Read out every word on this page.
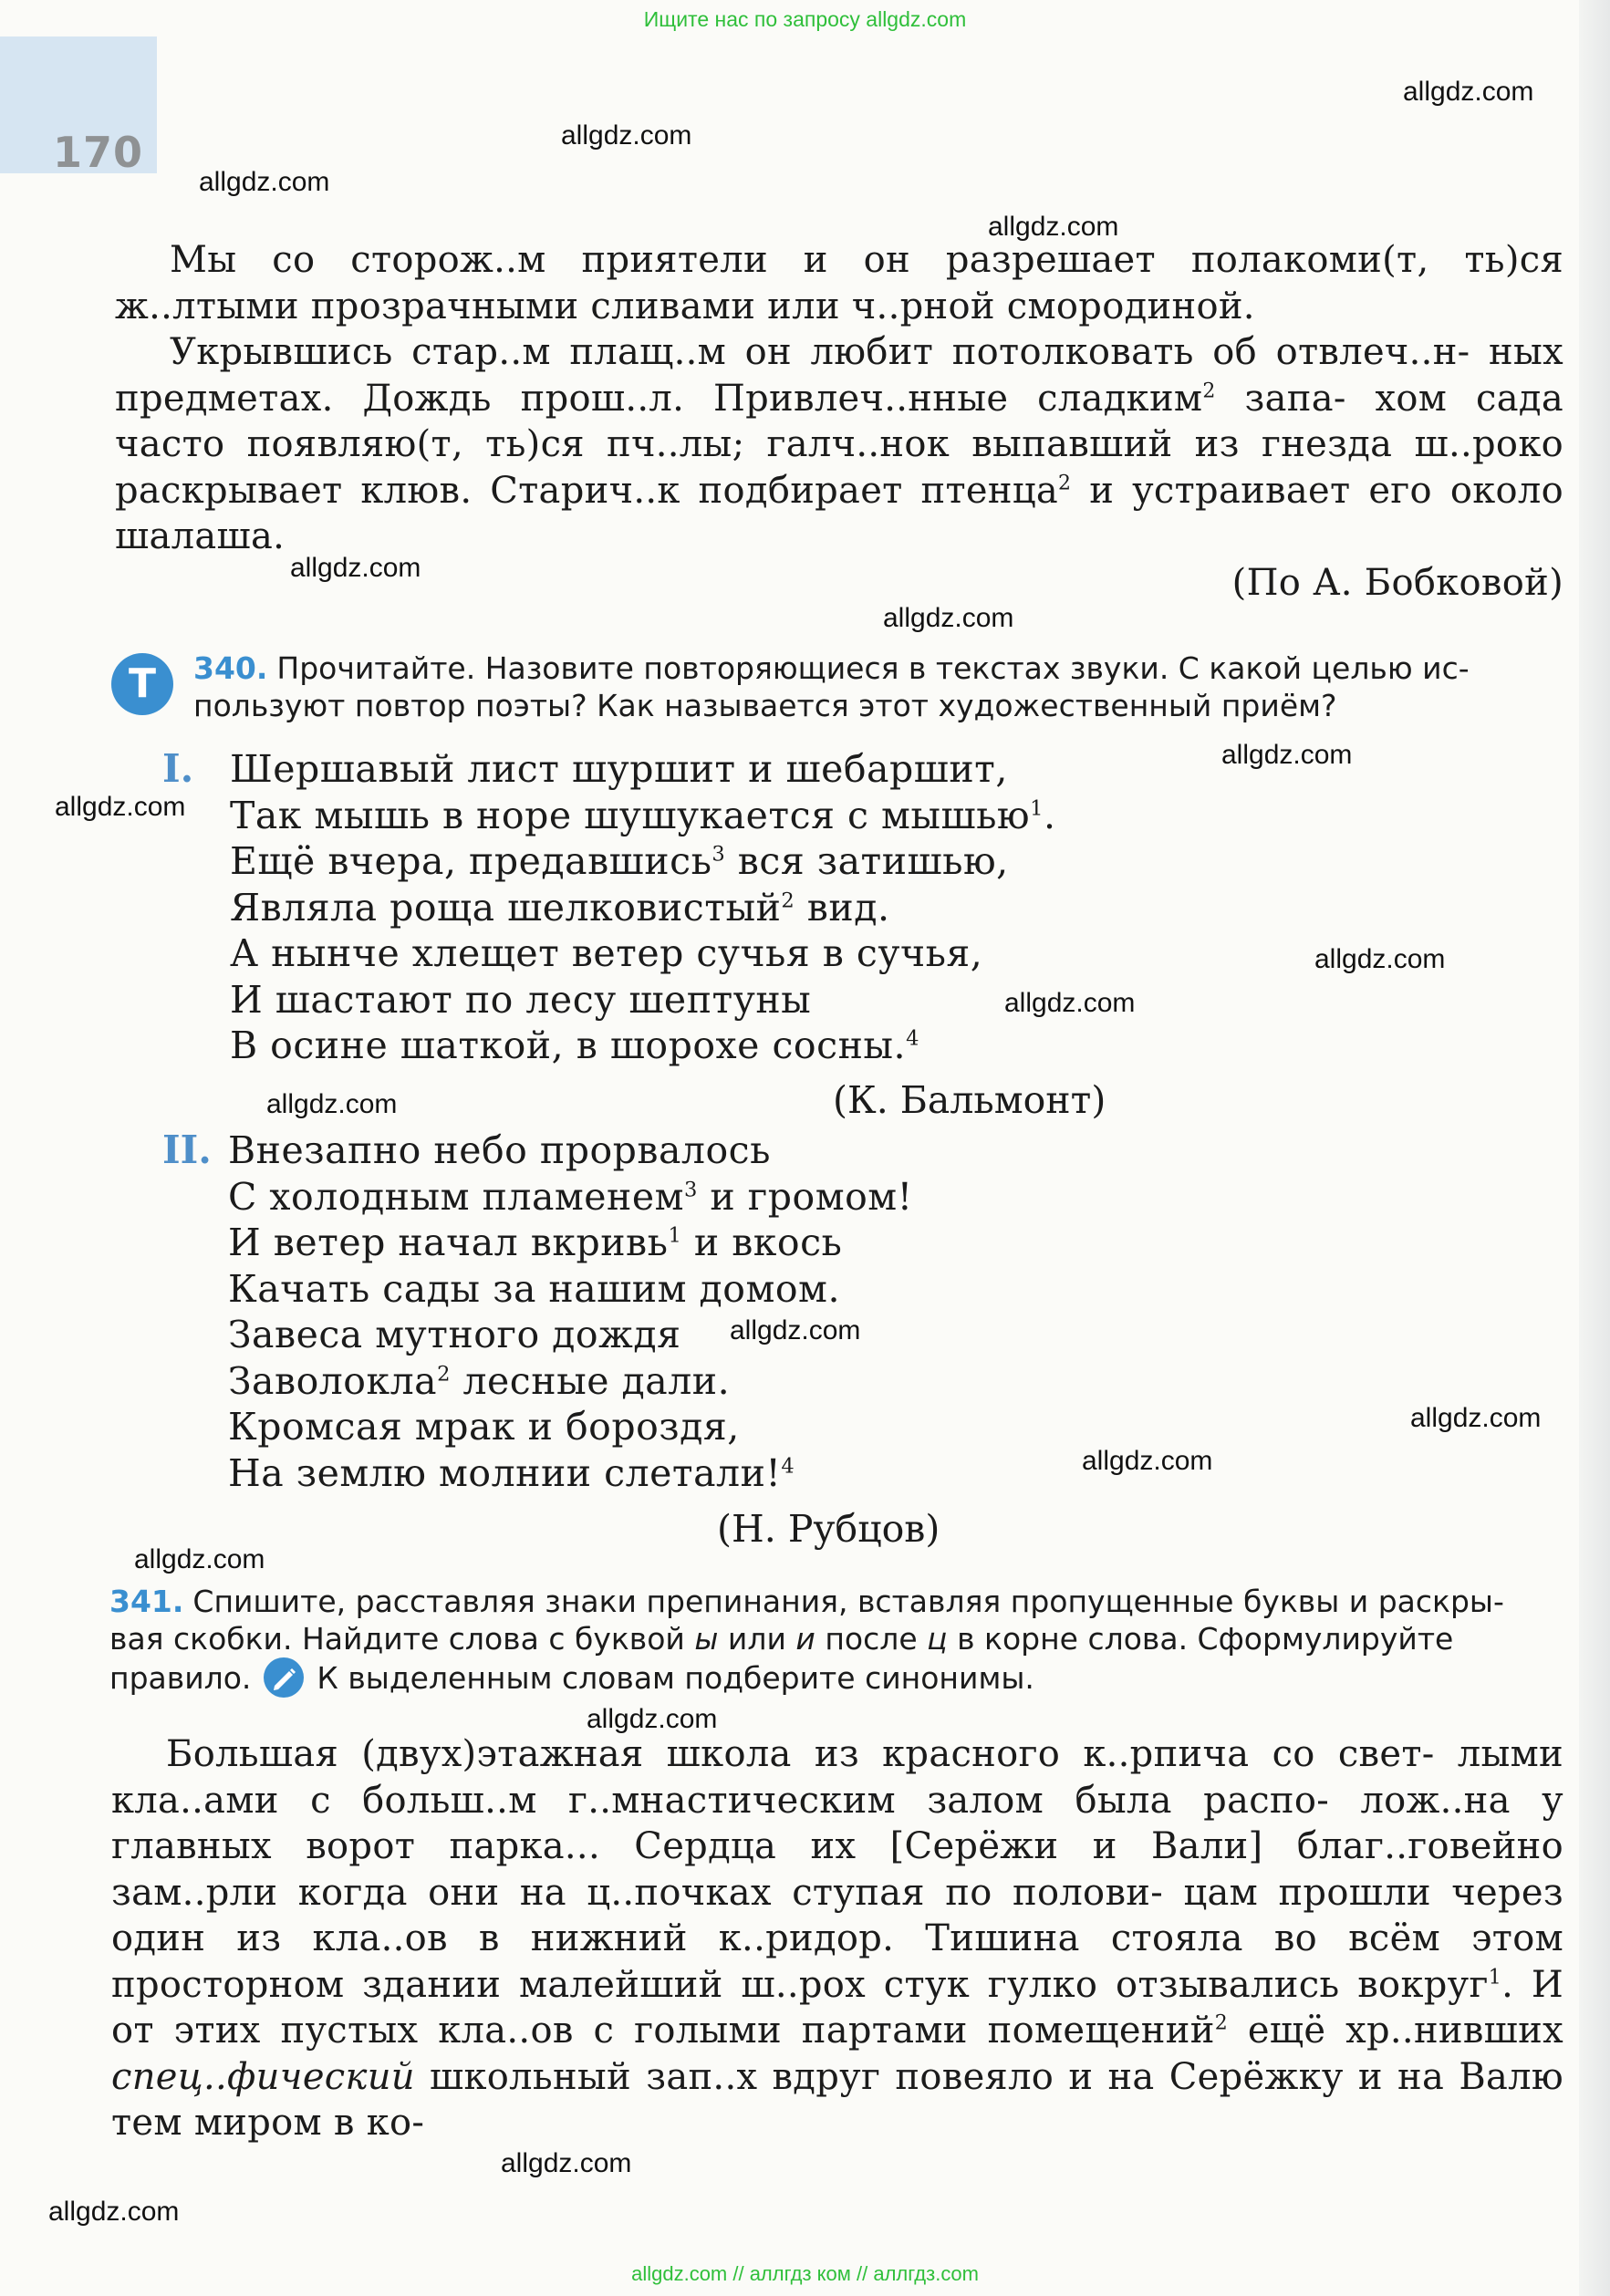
170
Ищите нас по запросу allgdz.com
allgdz.com
allgdz.com
allgdz.com
allgdz.com
allgdz.com
allgdz.com
allgdz.com
allgdz.com
allgdz.com
allgdz.com
allgdz.com
allgdz.com
allgdz.com
allgdz.com
allgdz.com
allgdz.com
allgdz.com
allgdz.com

Мы со сторож..м приятели и он разрешает полакоми(т, ть)ся ж..лтыми прозрачными сливами или ч..рной смородиной.

Укрывшись стар..м плащ..м он любит потолковать об отвлеч..н- ных предметах. Дождь прош..л. Привлеч..нные сладким$^2$ запа- хом сада часто появляю(т, ть)ся пч..лы; галч..нок выпавший из гнезда ш..роко раскрывает клюв. Старич..к подбирает птенца$^2$ и устраивает его около шалаша.

(По А. Бобковой)

Т	340. Прочитайте. Назовите повторяющиеся в текстах звуки. С какой целью ис- пользуют повтор поэты? Как называется этот художественный приём?
I. Шершавый лист шуршит и шебаршит,
Так мышь в норе шушукается с мышью$^1$.
Ещё вчера, предавшись$^3$ вся затишью,
Являла роща шелковистый$^2$ вид.
А нынче хлещет ветер сучья в сучья,
И шастают по лесу шептуны
В осине шаткой, в шорохе сосны.$^4$
(К. Бальмонт)
II. Внезапно небо прорвалось
С холодным пламенем$^3$ и громом!
И ветер начал вкривь$^1$ и вкось
Качать сады за нашим домом.
Завеса мутного дождя
Заволокла$^2$ лесные дали.
Кромсая мрак и бороздя,
На землю молнии слетали!$^4$
(Н. Рубцов)
341. Спишите, расставляя знаки препинания, вставляя пропущенные буквы и раскры- вая скобки. Найдите слова с буквой ы или и после ц в корне слова. Сформулируйте правило. К выделенным словам подберите синонимы.

Большая (двух)этажная школа из красного к..рпича со свет- лыми кла..ами с больш..м г..мнастическим залом была распо- лож..на у главных ворот парка... Сердца их [Серёжи и Вали] благ..говейно зам..рли когда они на ц..почках ступая по полови- цам прошли через один из кла..ов в нижний к..ридор. Тишина стояла во всём этом просторном здании малейший ш..рох стук гулко отзывались вокруг$^1$. И от этих пустых кла..ов с голыми партами помещений$^2$ ещё хр..нивших спец..фический школьный зап..х вдруг повеяло и на Серёжку и на Валю тем миром в ко-

allgdz.com // аллгдз ком // аллгдз.com
